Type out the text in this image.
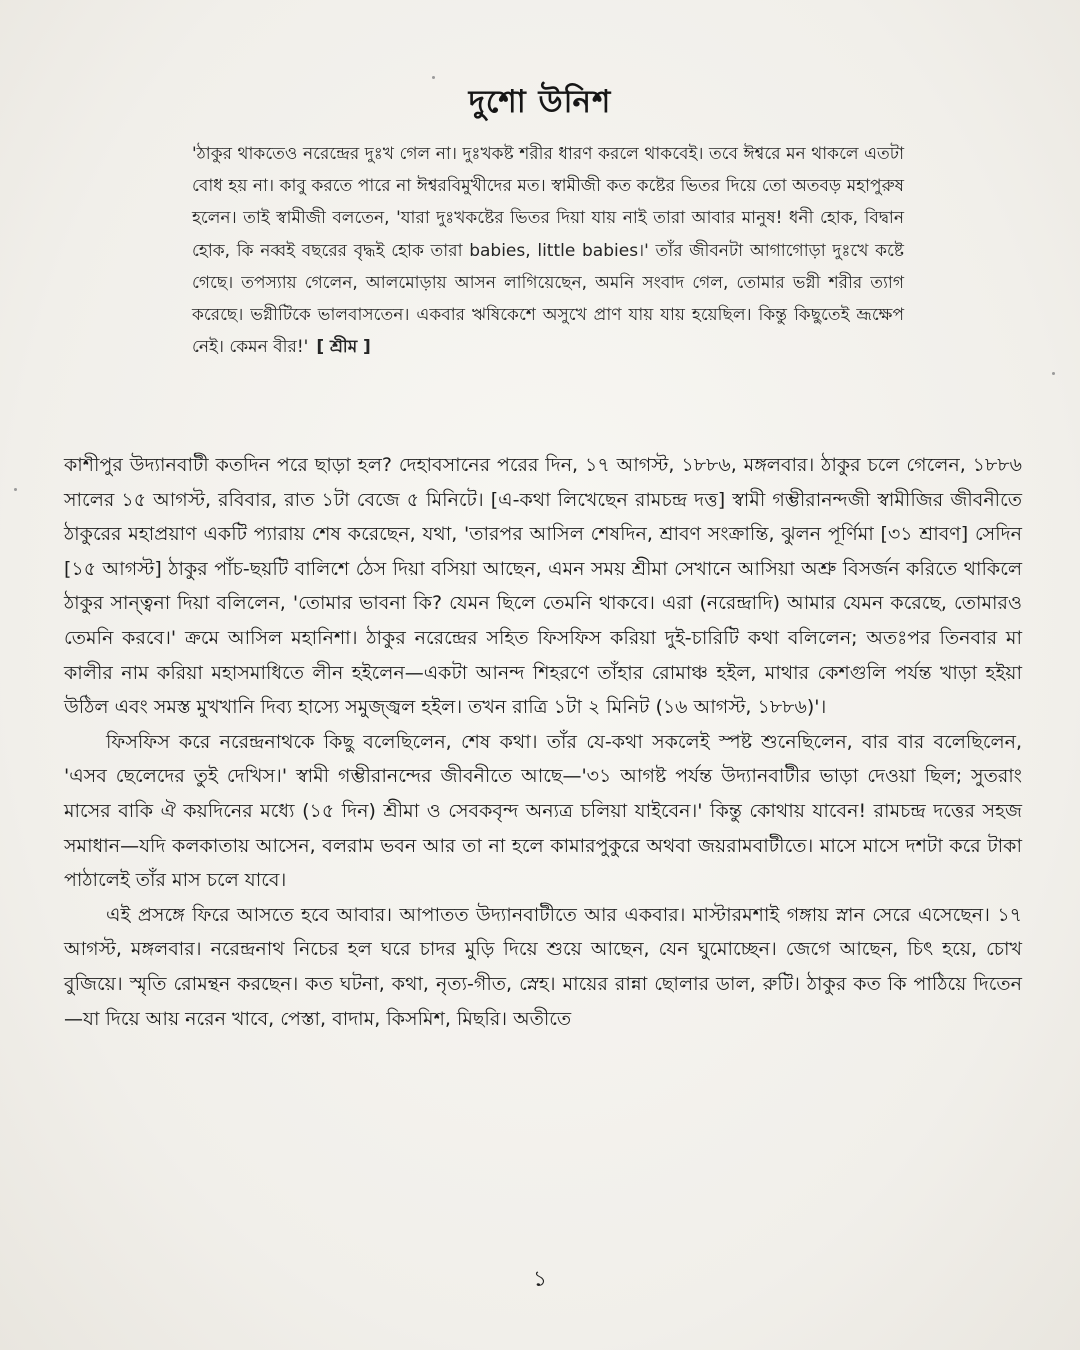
দুশো উনিশ

'ঠাকুর থাকতেও নরেন্দ্রের দুঃখ গেল না। দুঃখকষ্ট শরীর ধারণ করলে থাকবেই। তবে ঈশ্বরে মন থাকলে এতটা বোধ হয় না। কাবু করতে পারে না ঈশ্বরবিমুখীদের মত। স্বামীজী কত কষ্টের ভিতর দিয়ে তো অতবড় মহাপুরুষ হলেন। তাই স্বামীজী বলতেন, 'যারা দুঃখকষ্টের ভিতর দিয়া যায় নাই তারা আবার মানুষ! ধনী হোক, বিদ্বান হোক, কি নব্বই বছরের বৃদ্ধই হোক তারা babies, little babies।' তাঁর জীবনটা আগাগোড়া দুঃখে কষ্টে গেছে। তপস্যায় গেলেন, আলমোড়ায় আসন লাগিয়েছেন, অমনি সংবাদ গেল, তোমার ভগ্নী শরীর ত্যাগ করেছে। ভগ্নীটিকে ভালবাসতেন। একবার ঋষিকেশে অসুখে প্রাণ যায় যায় হয়েছিল। কিন্তু কিছুতেই ভ্রূক্ষেপ নেই। কেমন বীর!' [ শ্রীম ]

কাশীপুর উদ্যানবাটী কতদিন পরে ছাড়া হল? দেহাবসানের পরের দিন, ১৭ আগস্ট, ১৮৮৬, মঙ্গলবার। ঠাকুর চলে গেলেন, ১৮৮৬ সালের ১৫ আগস্ট, রবিবার, রাত ১টা বেজে ৫ মিনিটে। [এ-কথা লিখেছেন রামচন্দ্র দত্ত] স্বামী গম্ভীরানন্দজী স্বামীজির জীবনীতে ঠাকুরের মহাপ্রয়াণ একটি প্যারায় শেষ করেছেন, যথা, 'তারপর আসিল শেষদিন, শ্রাবণ সংক্রান্তি, ঝুলন পূর্ণিমা [৩১ শ্রাবণ] সেদিন [১৫ আগস্ট] ঠাকুর পাঁচ-ছয়টি বালিশে ঠেস দিয়া বসিয়া আছেন, এমন সময় শ্রীমা সেখানে আসিয়া অশ্রু বিসর্জন করিতে থাকিলে ঠাকুর সান্ত্বনা দিয়া বলিলেন, 'তোমার ভাবনা কি? যেমন ছিলে তেমনি থাকবে। এরা (নরেন্দ্রাদি) আমার যেমন করেছে, তোমারও তেমনি করবে।' ক্রমে আসিল মহানিশা। ঠাকুর নরেন্দ্রের সহিত ফিসফিস করিয়া দুই-চারিটি কথা বলিলেন; অতঃপর তিনবার মা কালীর নাম করিয়া মহাসমাধিতে লীন হইলেন—একটা আনন্দ শিহরণে তাঁহার রোমাঞ্চ হইল, মাথার কেশগুলি পর্যন্ত খাড়া হইয়া উঠিল এবং সমস্ত মুখখানি দিব্য হাস্যে সমুজ্জ্বল হইল। তখন রাত্রি ১টা ২ মিনিট (১৬ আগস্ট, ১৮৮৬)'।

ফিসফিস করে নরেন্দ্রনাথকে কিছু বলেছিলেন, শেষ কথা। তাঁর যে-কথা সকলেই স্পষ্ট শুনেছিলেন, বার বার বলেছিলেন, 'এসব ছেলেদের তুই দেখিস।' স্বামী গম্ভীরানন্দের জীবনীতে আছে—'৩১ আগষ্ট পর্যন্ত উদ্যানবাটীর ভাড়া দেওয়া ছিল; সুতরাং মাসের বাকি ঐ কয়দিনের মধ্যে (১৫ দিন) শ্রীমা ও সেবকবৃন্দ অন্যত্র চলিয়া যাইবেন।' কিন্তু কোথায় যাবেন! রামচন্দ্র দত্তের সহজ সমাধান—যদি কলকাতায় আসেন, বলরাম ভবন আর তা না হলে কামারপুকুরে অথবা জয়রামবাটীতে। মাসে মাসে দশটা করে টাকা পাঠালেই তাঁর মাস চলে যাবে।

এই প্রসঙ্গে ফিরে আসতে হবে আবার। আপাতত উদ্যানবাটীতে আর একবার। মাস্টারমশাই গঙ্গায় স্নান সেরে এসেছেন। ১৭ আগস্ট, মঙ্গলবার। নরেন্দ্রনাথ নিচের হল ঘরে চাদর মুড়ি দিয়ে শুয়ে আছেন, যেন ঘুমোচ্ছেন। জেগে আছেন, চিৎ হয়ে, চোখ বুজিয়ে। স্মৃতি রোমন্থন করছেন। কত ঘটনা, কথা, নৃত্য-গীত, স্নেহ। মায়ের রান্না ছোলার ডাল, রুটি। ঠাকুর কত কি পাঠিয়ে দিতেন—যা দিয়ে আয় নরেন খাবে, পেস্তা, বাদাম, কিসমিশ, মিছরি। অতীতে

১
